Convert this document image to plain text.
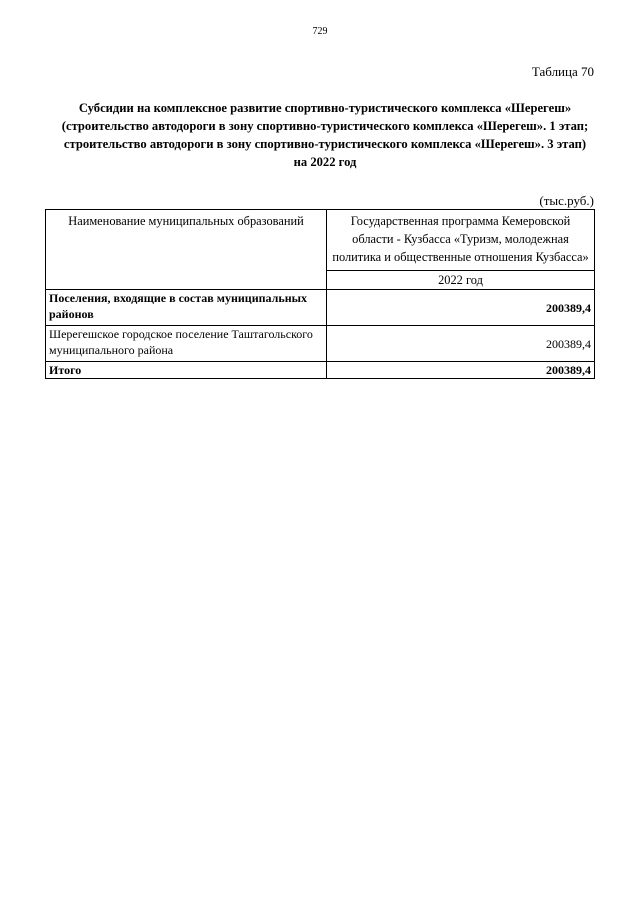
729
Таблица 70
Субсидии на комплексное развитие спортивно-туристического комплекса «Шерегеш» (строительство автодороги в зону спортивно-туристического комплекса «Шерегеш». 1 этап; строительство автодороги в зону спортивно-туристического комплекса «Шерегеш». 3 этап) на 2022 год
(тыс.руб.)
Наименование муниципальных образований	Государственная программа Кемеровской области - Кузбасса «Туризм, молодежная политика и общественные отношения Кузбасса»
	2022 год
Поселения, входящие в состав муниципальных районов	200389,4
Шерегешское городское поселение Таштагольского муниципального района	200389,4
Итого	200389,4
